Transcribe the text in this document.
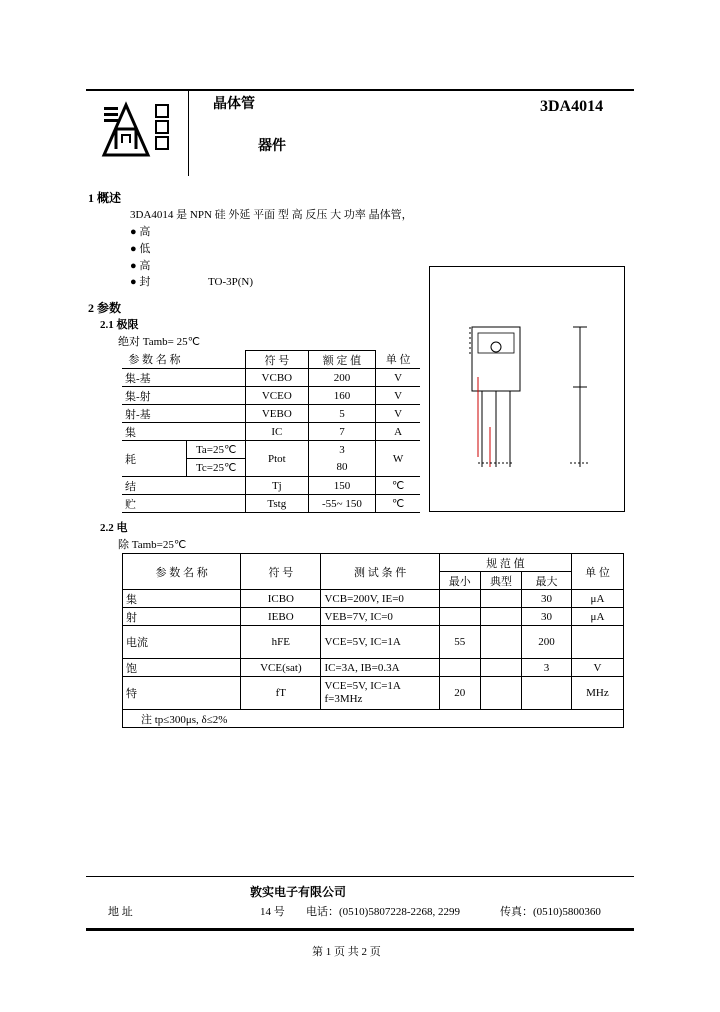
晶体管
器件
3DA4014
1 概述
3DA4014 是 NPN 硅 外延 平面 型 高 反压 大 功率 晶体管，
● 高
● 低
● 高
● 封	TO-3P(N)
2 参数
2.1 极限
绝对 Tamb= 25℃
参 数 名 称		符 号	额 定 值	单 位
集-基		VCBO	200	V
集-射		VCEO	160	V
射-基		VEBO	5	V
集		IC	7	A
耗	Ta=25℃	Ptot	3	W
	Tc=25℃		80	
结		Tj	150	℃
贮		Tstg	-55~ 150	℃
2.2 电
除 Tamb=25℃
参 数 名 称	符 号	测 试 条 件	规 范 值			单 位
			最小	典型	最大	
集	ICBO	VCB=200V, IE=0			30	μA
射	IEBO	VEB=7V, IC=0			30	μA
电流	hFE	VCE=5V, IC=1A	55		200	
饱	VCE(sat)	IC=3A, IB=0.3A			3	V
特	fT	VCE=5V, IC=1A
f=3MHz	20			MHz
注 tp≤300μs, δ≤2%						
敦实电子有限公司
地 址	14 号 电话：(0510)5807228-2268, 2299	传真：(0510)5800360
第 1 页 共 2 页
